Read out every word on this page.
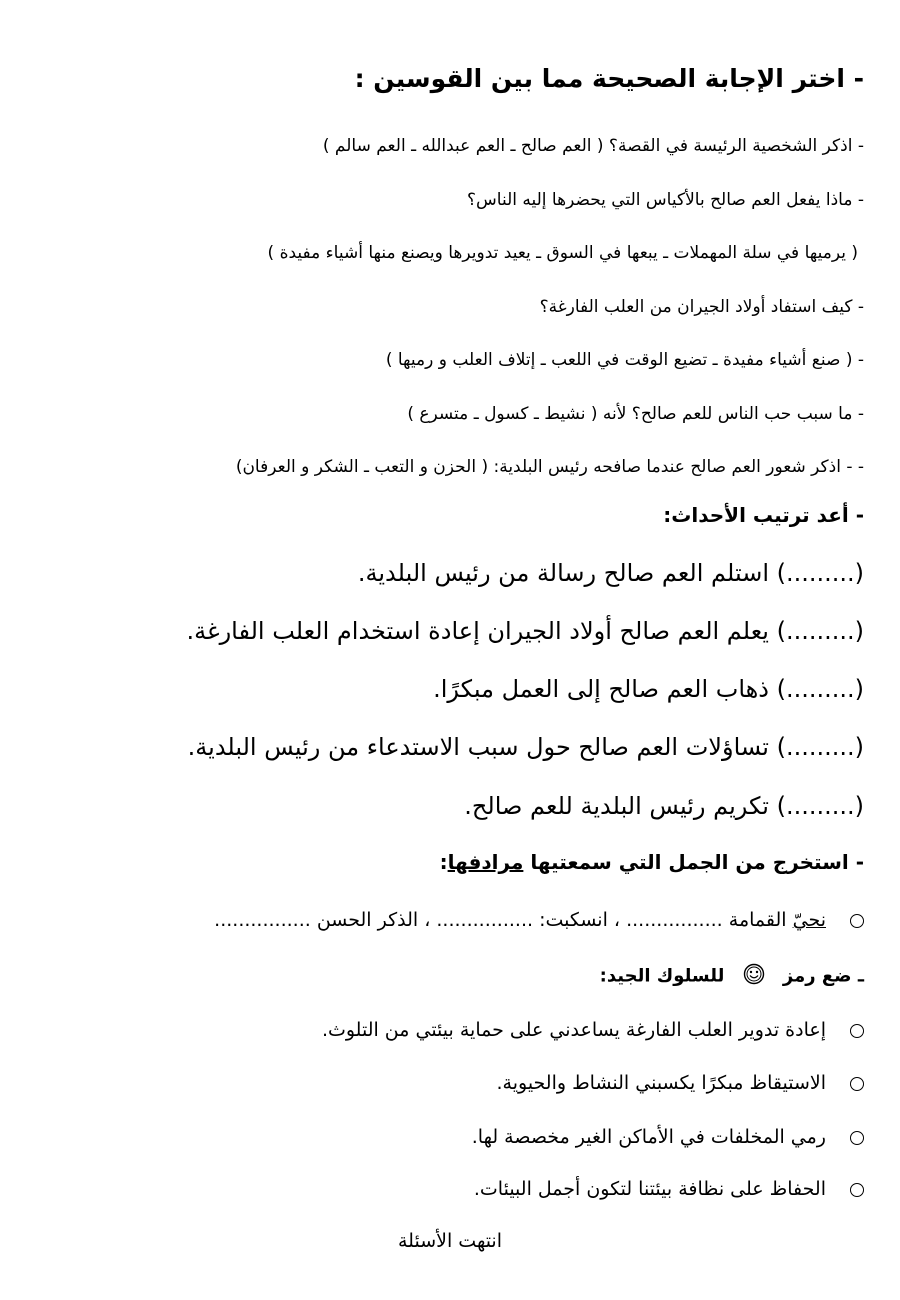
- اختر الإجابة الصحيحة مما بين القوسين :
- اذكر الشخصية الرئيسة في القصة؟ ( العم صالح ـ العم عبدالله ـ العم سالم )
- ماذا يفعل العم صالح بالأكياس التي يحضرها إليه الناس؟
( يرميها في سلة المهملات ـ يبعها في السوق ـ يعيد تدويرها ويصنع منها أشياء مفيدة )
- كيف استفاد أولاد الجيران من العلب الفارغة؟
- ( صنع أشياء مفيدة ـ تضيع الوقت في اللعب ـ إتلاف العلب و رميها )
- ما سبب حب الناس للعم صالح؟ لأنه ( نشيط ـ كسول ـ متسرع )
- - اذكر شعور العم صالح عندما صافحه رئيس البلدية: ( الحزن و التعب ـ الشكر و العرفان)
- أعد ترتيب الأحداث:
(.........) استلم العم صالح رسالة من رئيس البلدية.
(.........) يعلم العم صالح أولاد الجيران إعادة استخدام العلب الفارغة.
(.........) ذهاب العم صالح إلى العمل مبكرًا.
(.........) تساؤلات العم صالح حول سبب الاستدعاء من رئيس البلدية.
(.........) تكريم رئيس البلدية للعم صالح.
- استخرج من الجمل التي سمعتيها مرادفها:
نحيّ القمامة ................ ، انسكبت: ................ ، الذكر الحسن ................
ـ ضع رمز  للسلوك الجيد:
إعادة تدوير العلب الفارغة يساعدني على حماية بيئتي من التلوث.
الاستيقاظ مبكرًا يكسبني النشاط والحيوية.
رمي المخلفات في الأماكن الغير مخصصة لها.
الحفاظ على نظافة بيئتنا لتكون أجمل البيئات.
انتهت الأسئلة
